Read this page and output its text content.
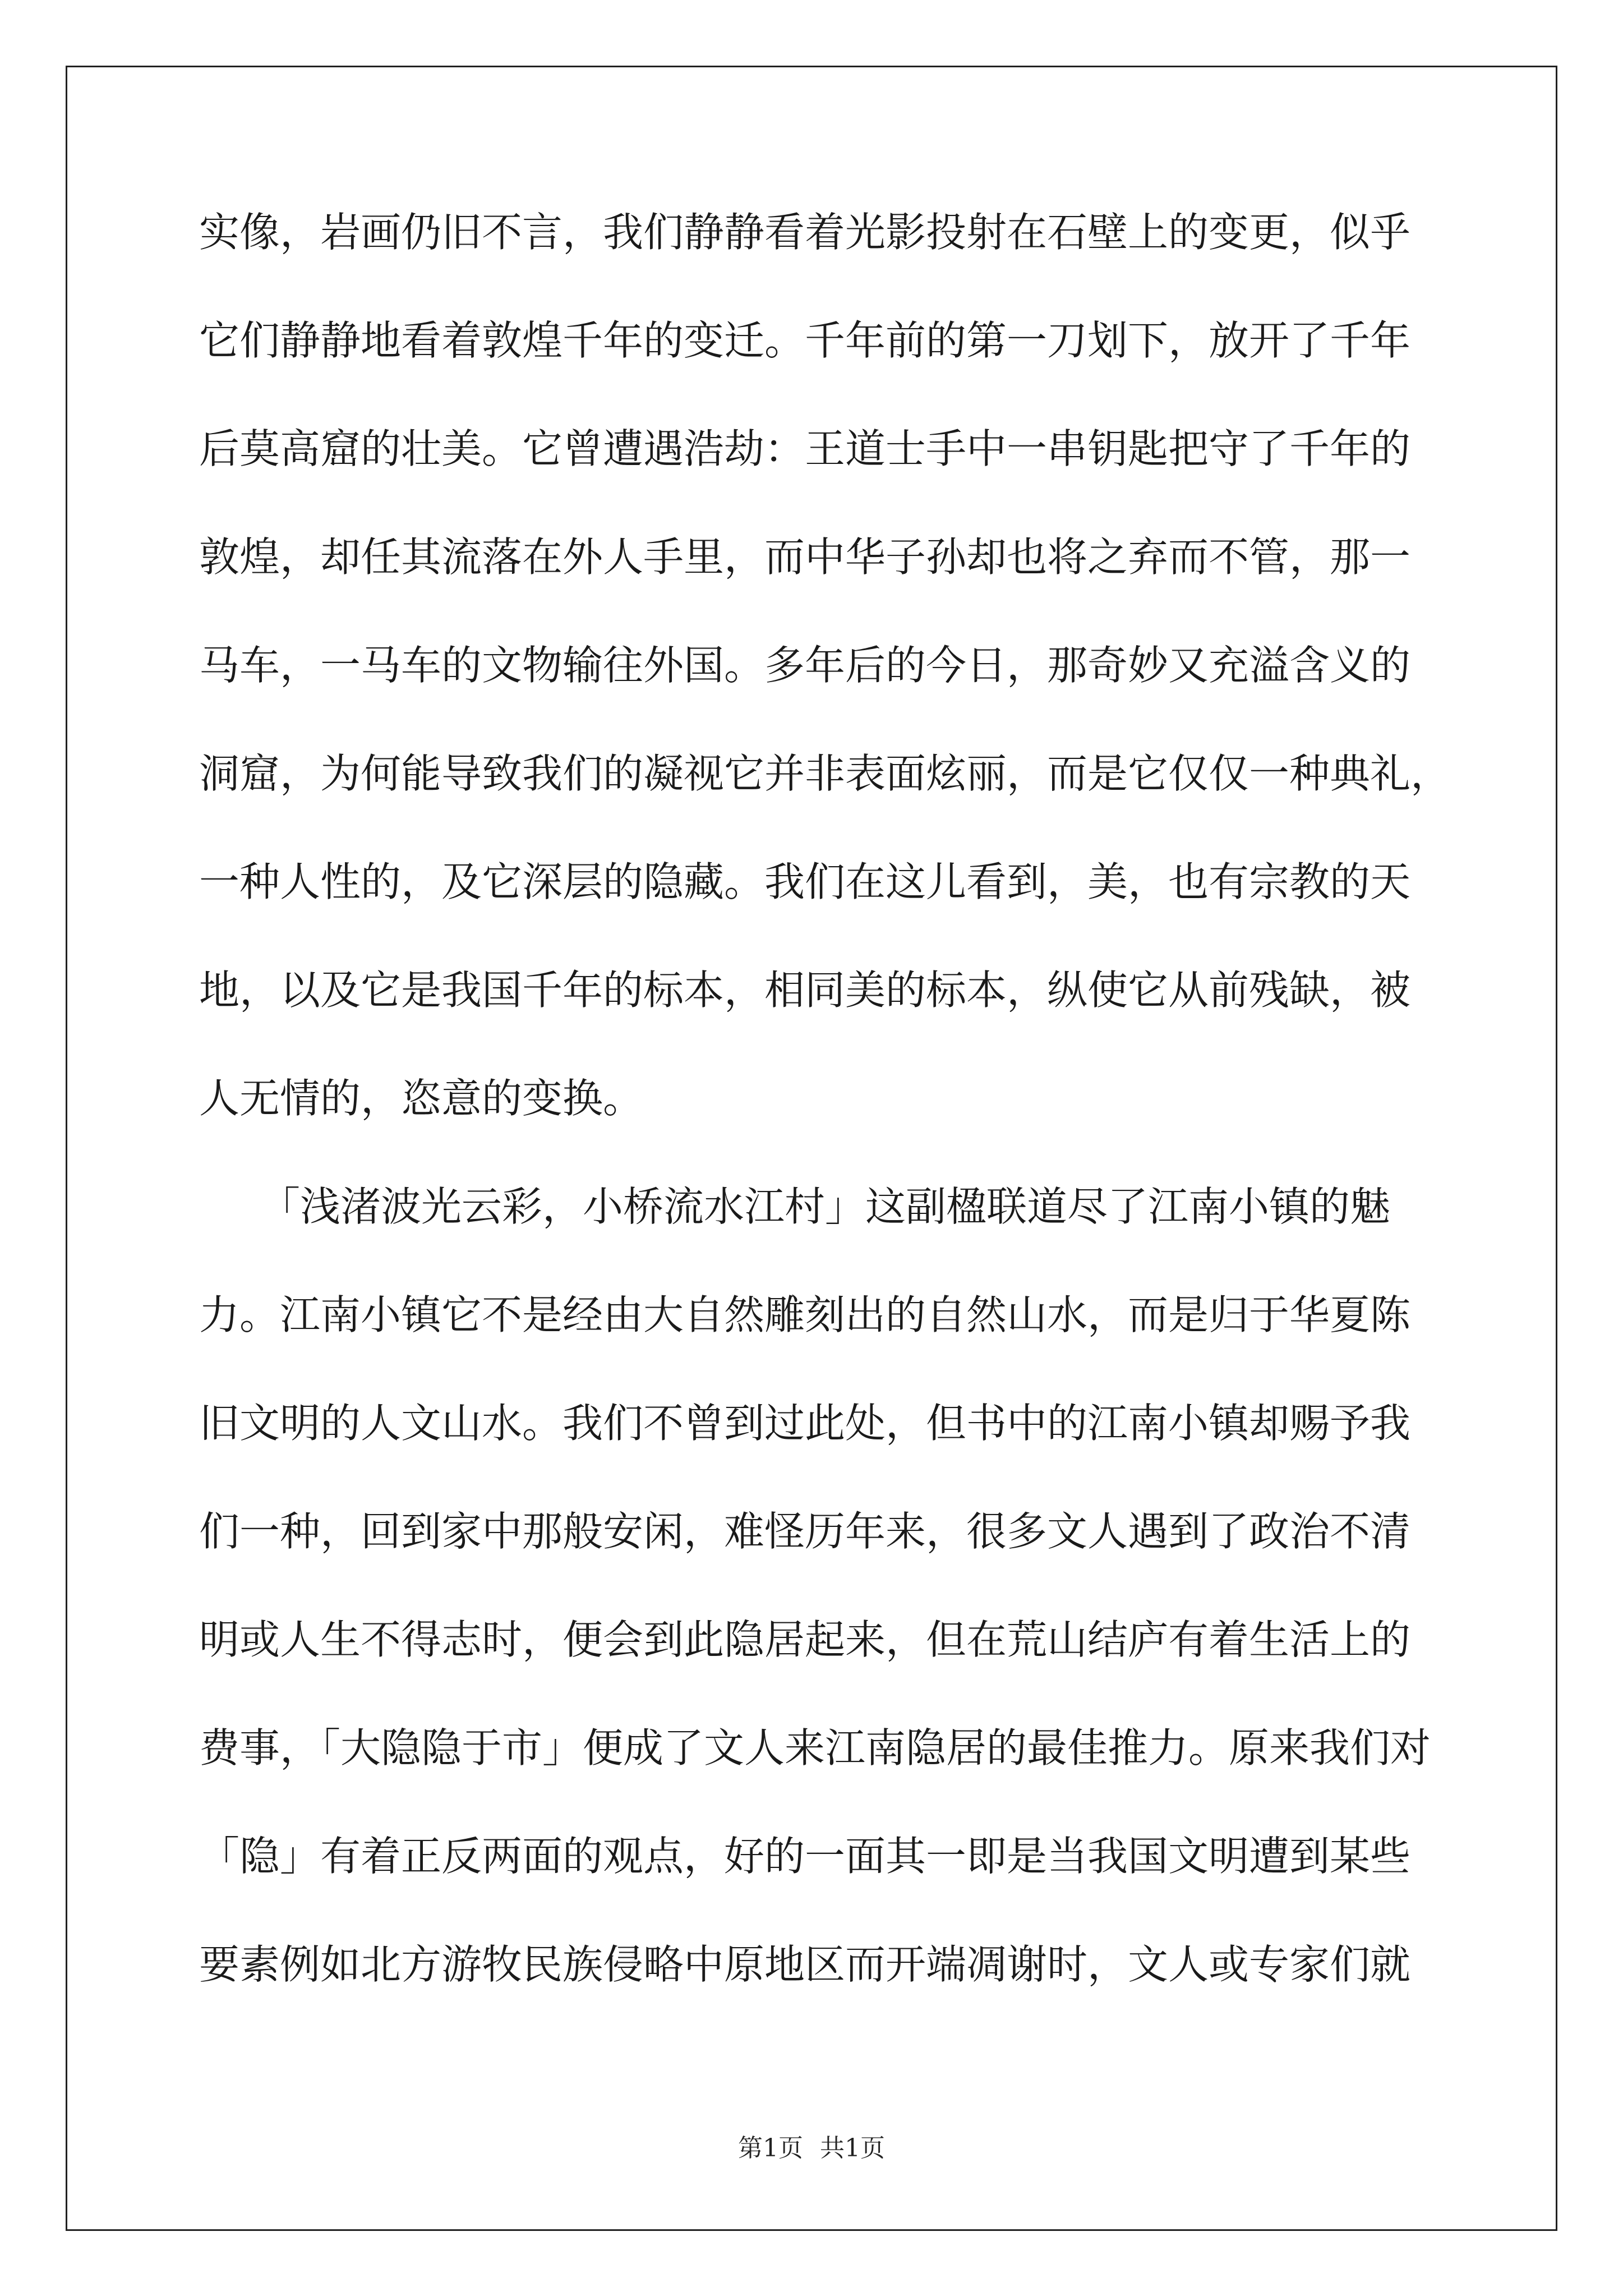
实像，岩画仍旧不言，我们静静看着光影投射在石壁上的变更，似乎
它们静静地看着敦煌千年的变迁。千年前的第一刀划下，放开了千年
后莫高窟的壮美。它曾遭遇浩劫：王道士手中一串钥匙把守了千年的
敦煌，却任其流落在外人手里，而中华子孙却也将之弃而不管，那一
马车，一马车的文物输往外国。多年后的今日，那奇妙又充溢含义的
洞窟，为何能导致我们的凝视它并非表面炫丽，而是它仅仅一种典礼，
一种人性的，及它深层的隐藏。我们在这儿看到，美，也有宗教的天
地，以及它是我国千年的标本，相同美的标本，纵使它从前残缺，被
人无情的，恣意的变换。
　　「浅渚波光云彩，小桥流水江村」这副楹联道尽了江南小镇的魅
力。江南小镇它不是经由大自然雕刻出的自然山水，而是归于华夏陈
旧文明的人文山水。我们不曾到过此处，但书中的江南小镇却赐予我
们一种，回到家中那般安闲，难怪历年来，很多文人遇到了政治不清
明或人生不得志时，便会到此隐居起来，但在荒山结庐有着生活上的
费事，「大隐隐于市」便成了文人来江南隐居的最佳推力。原来我们对
「隐」有着正反两面的观点，好的一面其一即是当我国文明遭到某些
要素例如北方游牧民族侵略中原地区而开端凋谢时，文人或专家们就
第1页 共1页
